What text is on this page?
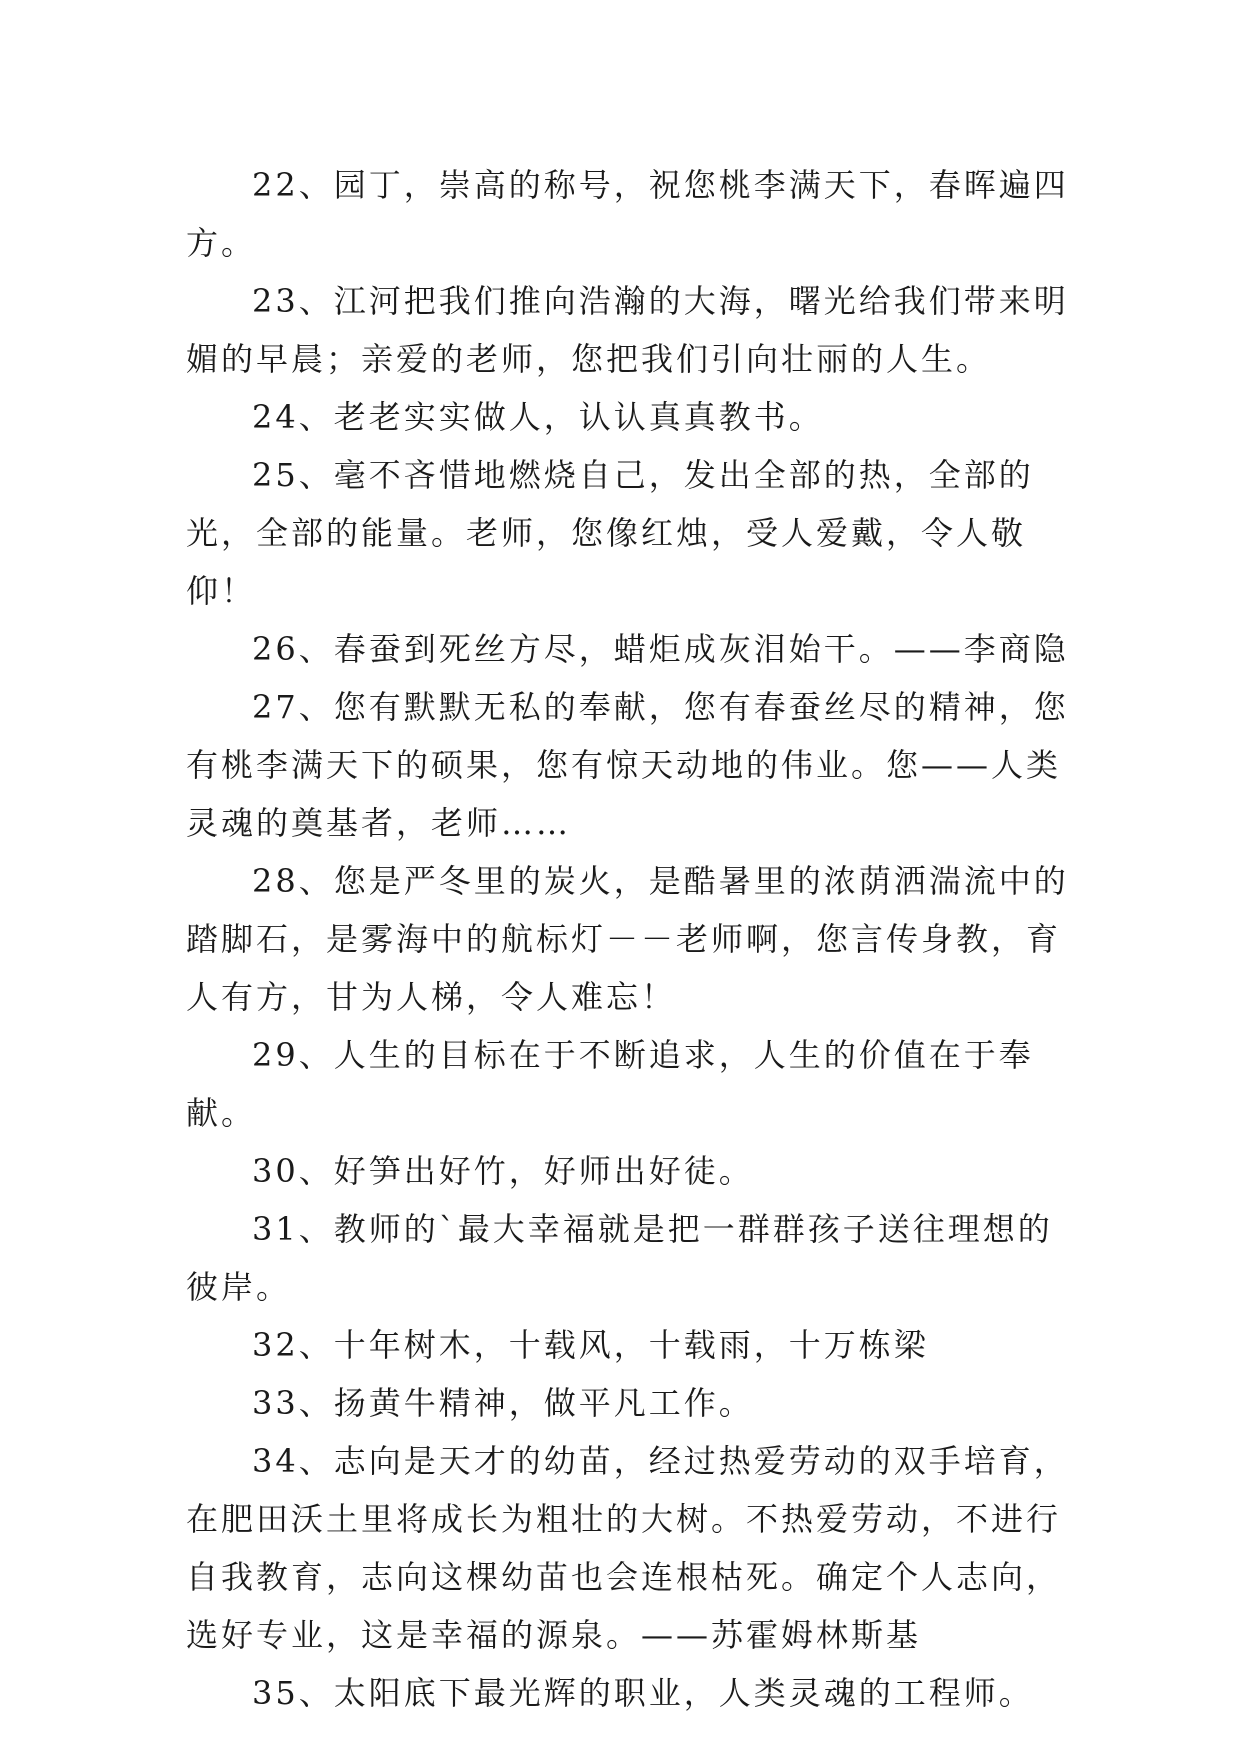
22、园丁，崇高的称号，祝您桃李满天下，春晖遍四方。

23、江河把我们推向浩瀚的大海，曙光给我们带来明媚的早晨；亲爱的老师，您把我们引向壮丽的人生。

24、老老实实做人，认认真真教书。

25、毫不吝惜地燃烧自己，发出全部的热，全部的光，全部的能量。老师，您像红烛，受人爱戴，令人敬仰！

26、春蚕到死丝方尽，蜡炬成灰泪始干。——李商隐

27、您有默默无私的奉献，您有春蚕丝尽的精神，您有桃李满天下的硕果，您有惊天动地的伟业。您——人类灵魂的奠基者，老师……

28、您是严冬里的炭火，是酷暑里的浓荫洒湍流中的踏脚石，是雾海中的航标灯－－老师啊，您言传身教，育人有方，甘为人梯，令人难忘！

29、人生的目标在于不断追求，人生的价值在于奉献。

30、好笋出好竹，好师出好徒。

31、教师的`最大幸福就是把一群群孩子送往理想的彼岸。

32、十年树木，十载风，十载雨，十万栋梁

33、扬黄牛精神，做平凡工作。

34、志向是天才的幼苗，经过热爱劳动的双手培育，在肥田沃土里将成长为粗壮的大树。不热爱劳动，不进行自我教育，志向这棵幼苗也会连根枯死。确定个人志向，选好专业，这是幸福的源泉。——苏霍姆林斯基

35、太阳底下最光辉的职业，人类灵魂的工程师。
